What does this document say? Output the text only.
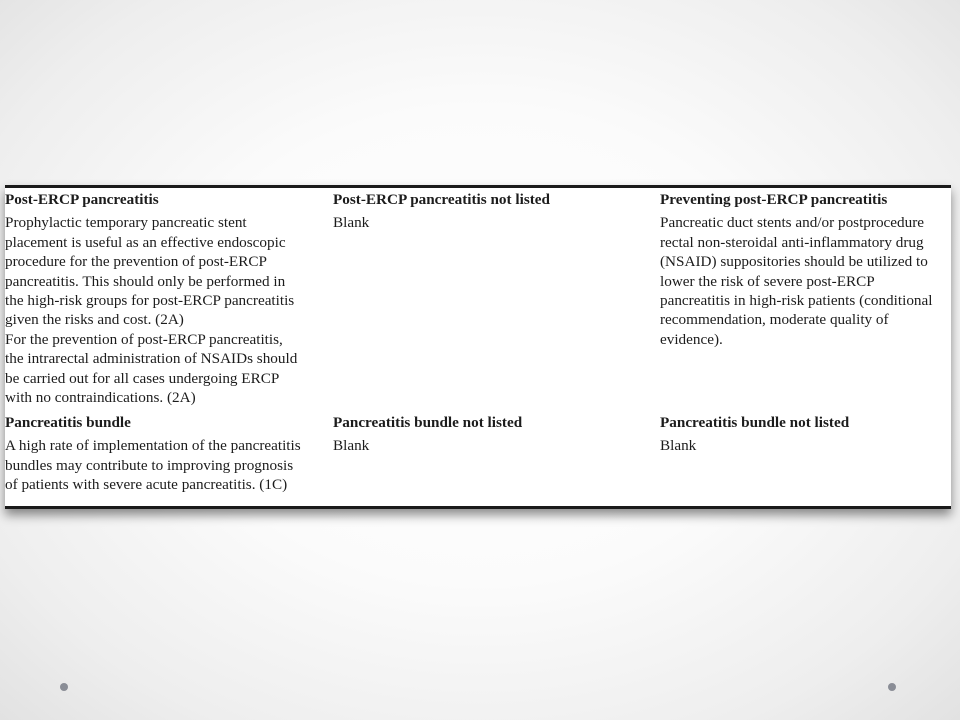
Post-ERCP pancreatitis
Prophylactic temporary pancreatic stent
placement is useful as an effective endoscopic
procedure for the prevention of post-ERCP
pancreatitis. This should only be performed in
the high-risk groups for post-ERCP pancreatitis
given the risks and cost. (2A)
For the prevention of post-ERCP pancreatitis,
the intrarectal administration of NSAIDs should
be carried out for all cases undergoing ERCP
with no contraindications. (2A)
Post-ERCP pancreatitis not listed
Blank
Preventing post-ERCP pancreatitis
Pancreatic duct stents and/or postprocedure
rectal non-steroidal anti-inflammatory drug
(NSAID) suppositories should be utilized to
lower the risk of severe post-ERCP
pancreatitis in high-risk patients (conditional
recommendation, moderate quality of
evidence).
Pancreatitis bundle
A high rate of implementation of the pancreatitis
bundles may contribute to improving prognosis
of patients with severe acute pancreatitis. (1C)
Pancreatitis bundle not listed
Blank
Pancreatitis bundle not listed
Blank
